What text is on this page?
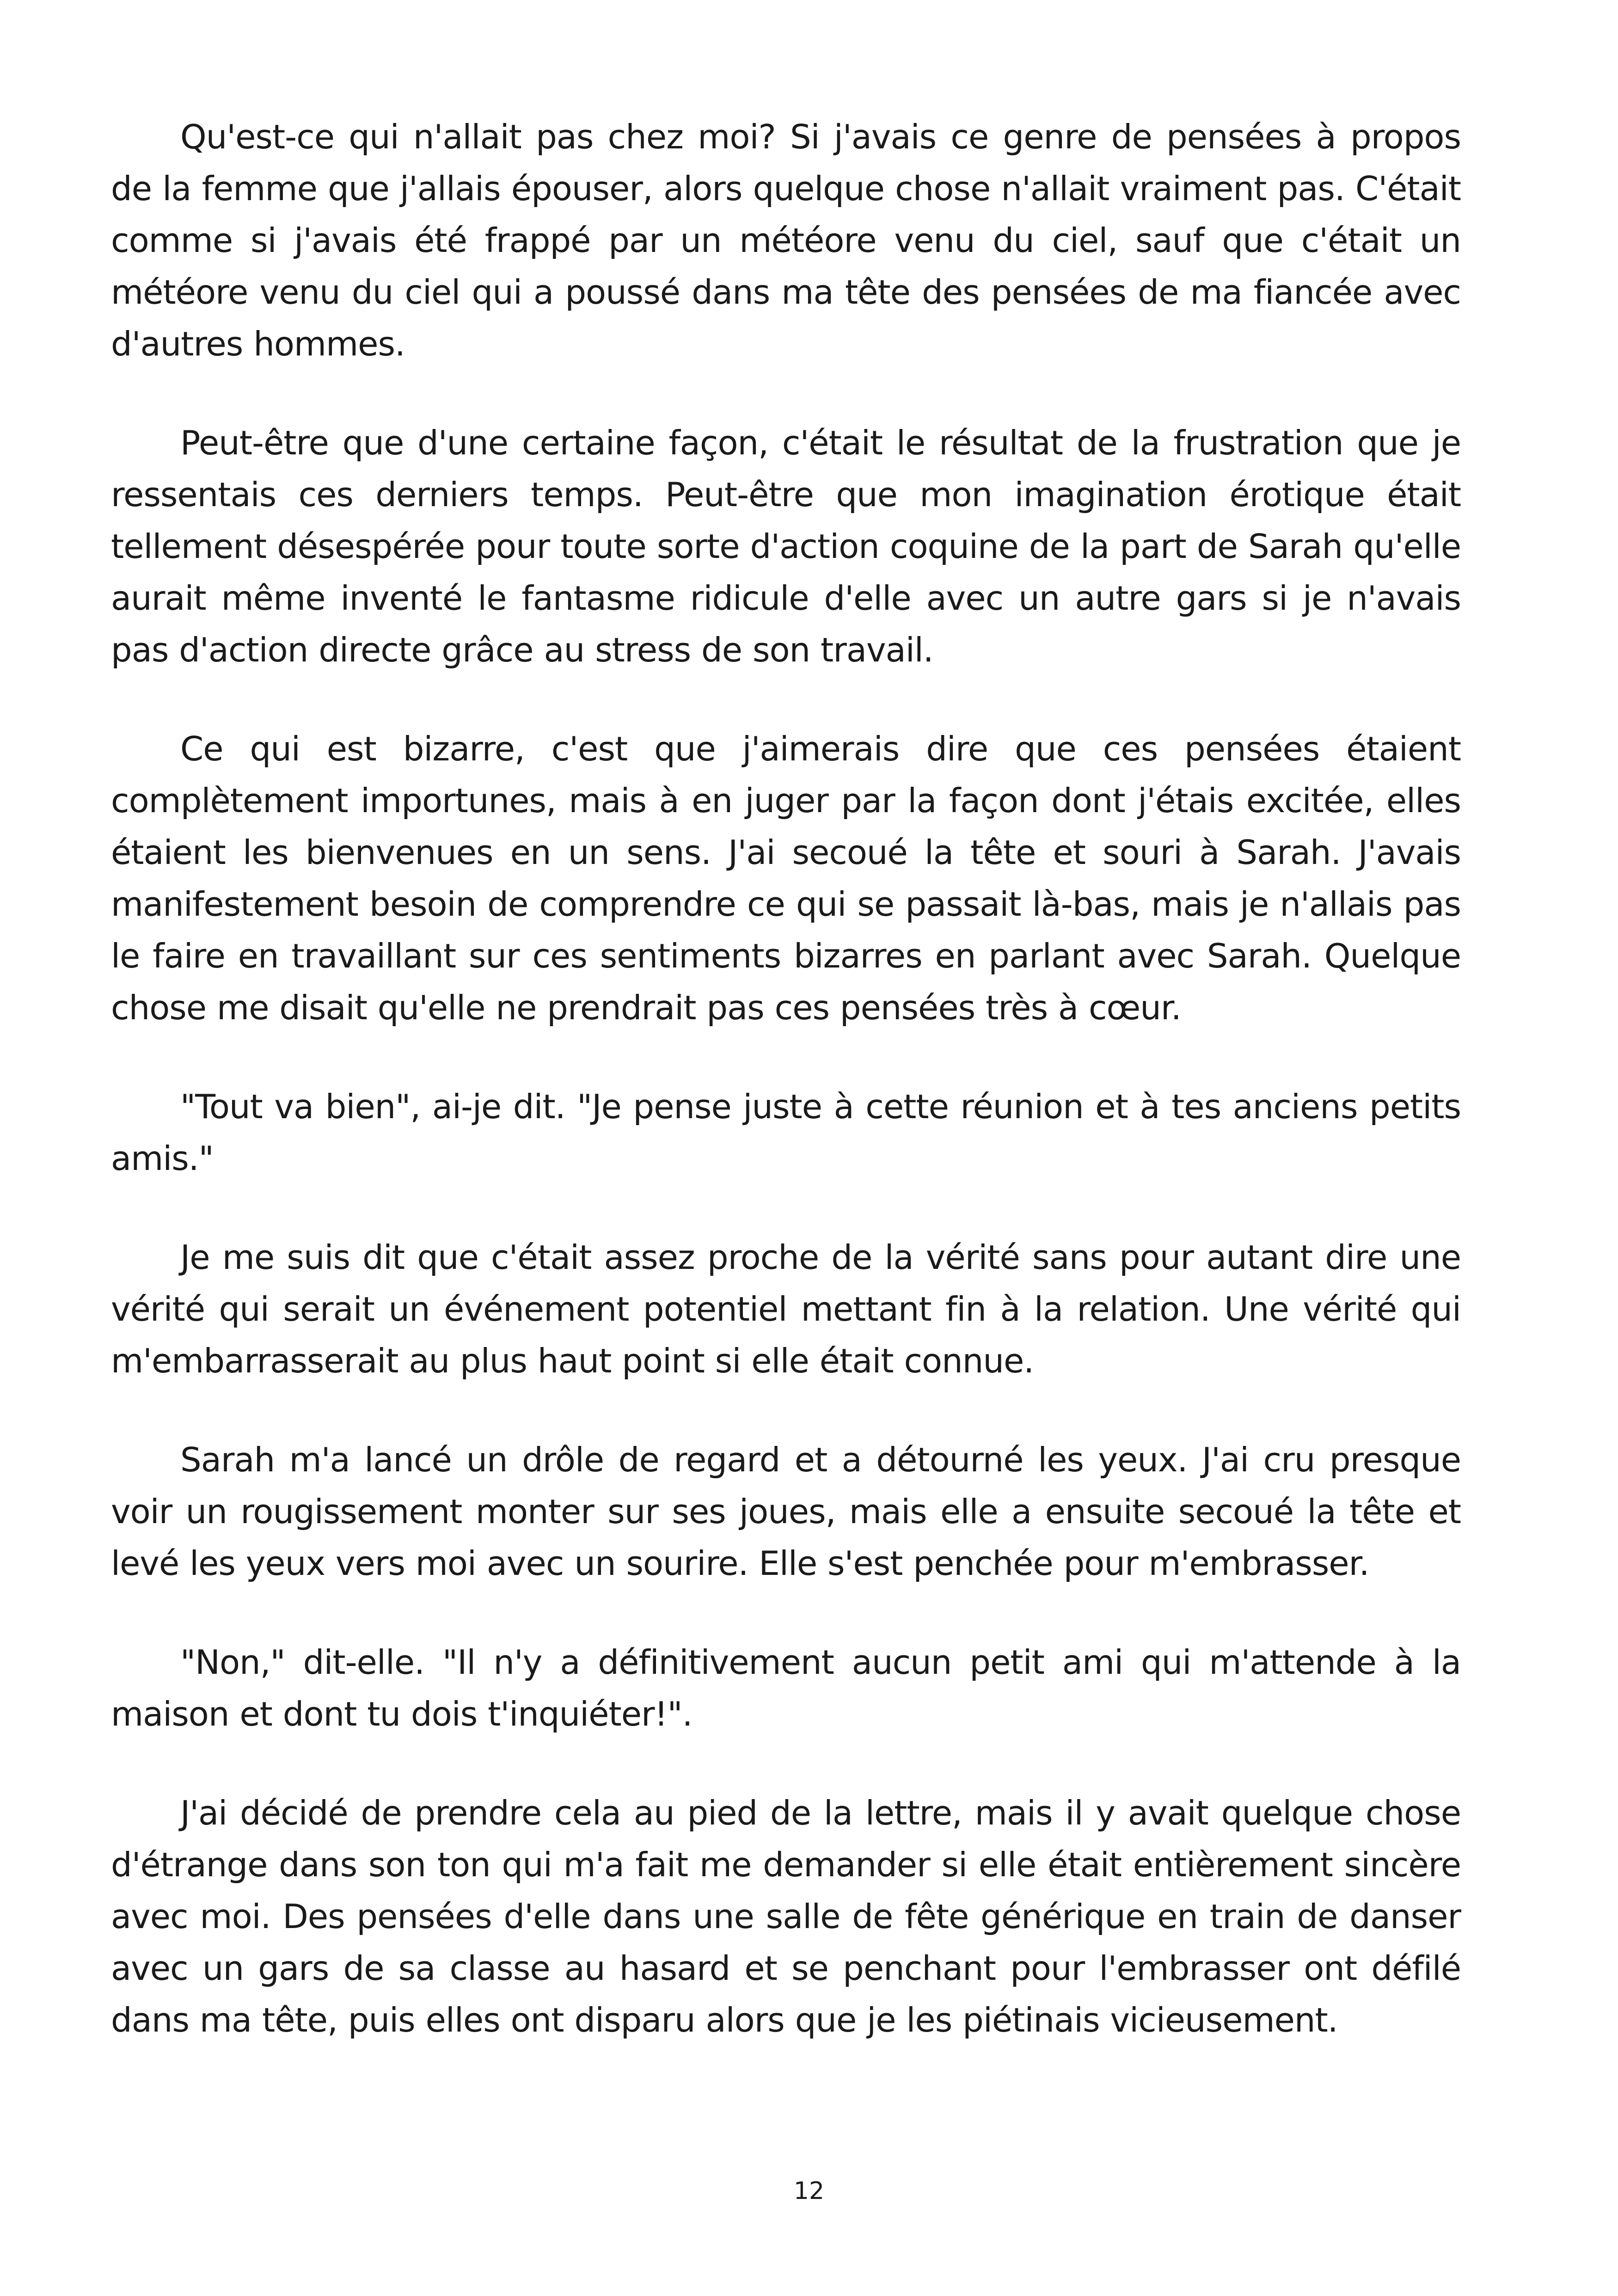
Qu'est-ce qui n'allait pas chez moi? Si j'avais ce genre de pensées à propos de la femme que j'allais épouser, alors quelque chose n'allait vraiment pas. C'était comme si j'avais été frappé par un météore venu du ciel, sauf que c'était un météore venu du ciel qui a poussé dans ma tête des pensées de ma fiancée avec d'autres hommes.

Peut-être que d'une certaine façon, c'était le résultat de la frustration que je ressentais ces derniers temps. Peut-être que mon imagination érotique était tellement désespérée pour toute sorte d'action coquine de la part de Sarah qu'elle aurait même inventé le fantasme ridicule d'elle avec un autre gars si je n'avais pas d'action directe grâce au stress de son travail.

Ce qui est bizarre, c'est que j'aimerais dire que ces pensées étaient complètement importunes, mais à en juger par la façon dont j'étais excitée, elles étaient les bienvenues en un sens. J'ai secoué la tête et souri à Sarah. J'avais manifestement besoin de comprendre ce qui se passait là-bas, mais je n'allais pas le faire en travaillant sur ces sentiments bizarres en parlant avec Sarah. Quelque chose me disait qu'elle ne prendrait pas ces pensées très à cœur.

"Tout va bien", ai-je dit. "Je pense juste à cette réunion et à tes anciens petits amis."

Je me suis dit que c'était assez proche de la vérité sans pour autant dire une vérité qui serait un événement potentiel mettant fin à la relation. Une vérité qui m'embarrasserait au plus haut point si elle était connue.

Sarah m'a lancé un drôle de regard et a détourné les yeux. J'ai cru presque voir un rougissement monter sur ses joues, mais elle a ensuite secoué la tête et levé les yeux vers moi avec un sourire. Elle s'est penchée pour m'embrasser.

"Non," dit-elle. "Il n'y a définitivement aucun petit ami qui m'attende à la maison et dont tu dois t'inquiéter!".

J'ai décidé de prendre cela au pied de la lettre, mais il y avait quelque chose d'étrange dans son ton qui m'a fait me demander si elle était entièrement sincère avec moi. Des pensées d'elle dans une salle de fête générique en train de danser avec un gars de sa classe au hasard et se penchant pour l'embrasser ont défilé dans ma tête, puis elles ont disparu alors que je les piétinais vicieusement.

12
